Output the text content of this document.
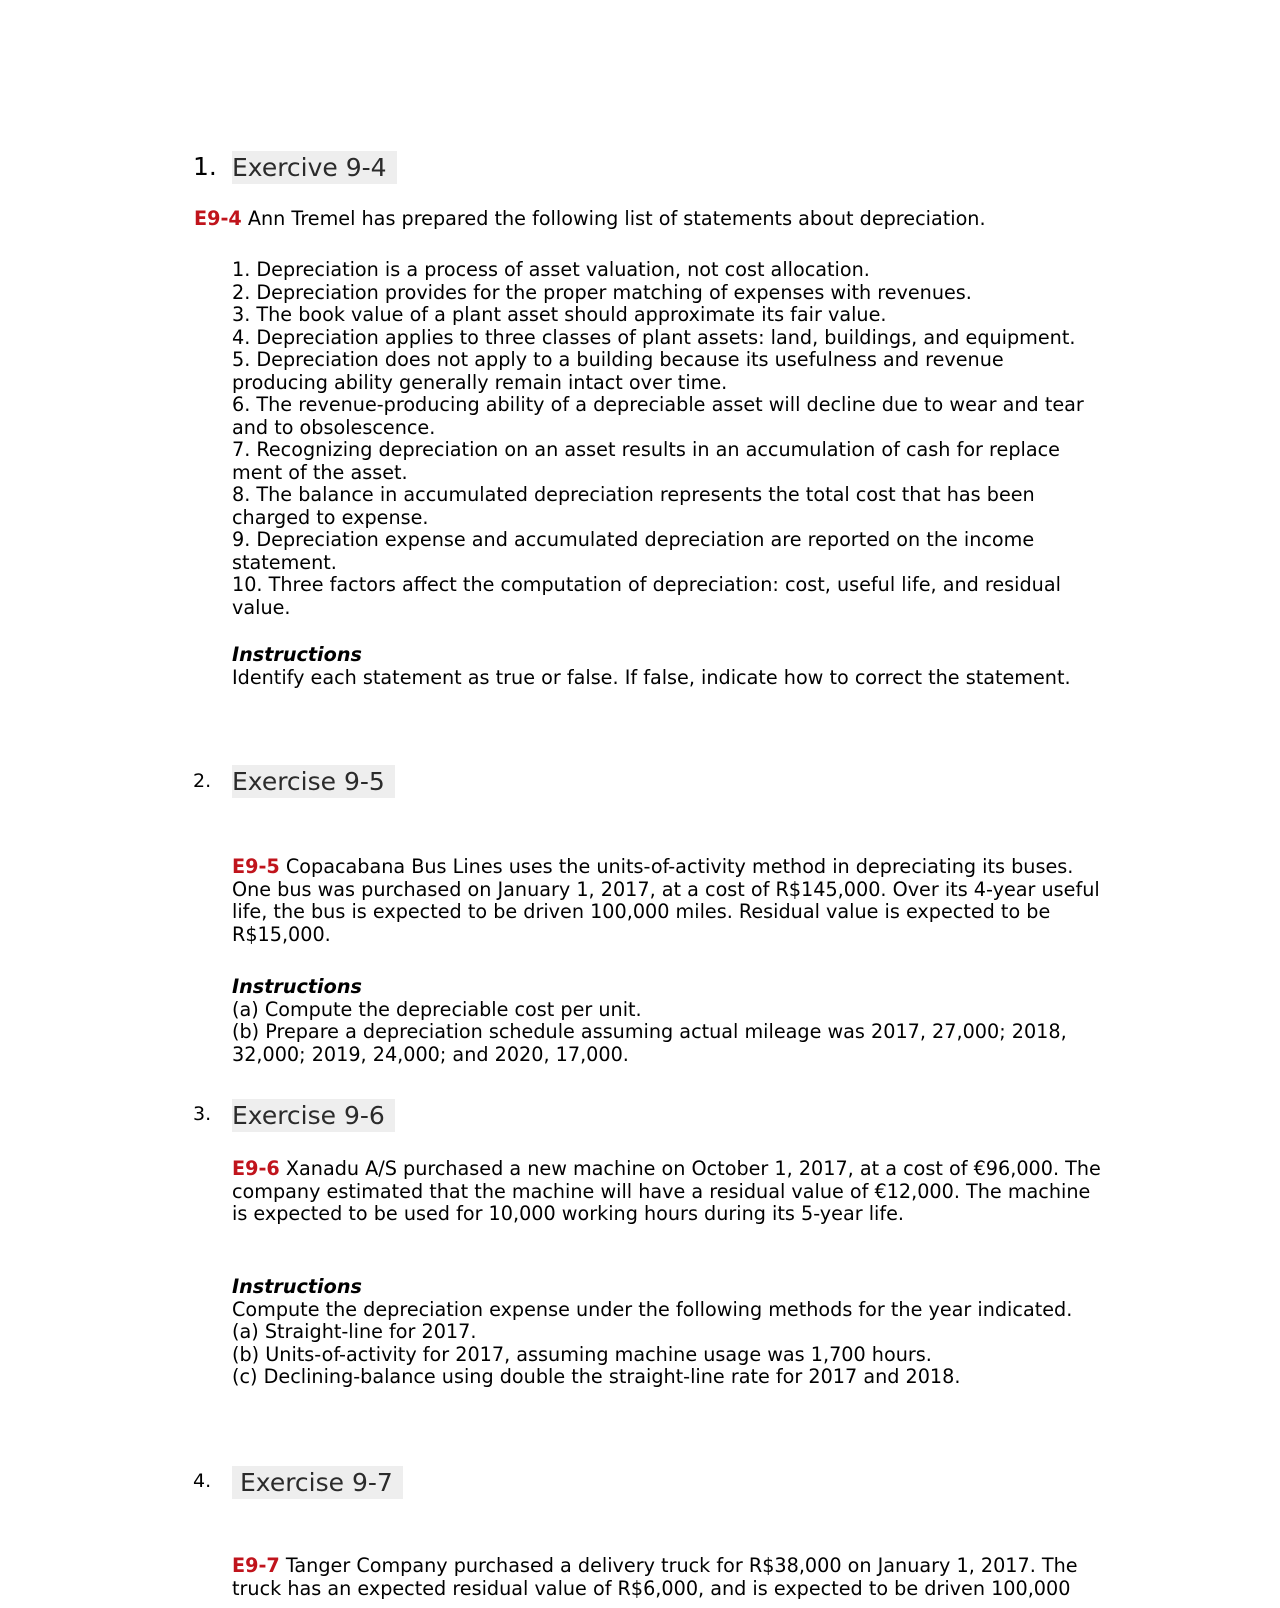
1. Exercive 9-4
E9-4 Ann Tremel has prepared the following list of statements about depreciation.
1. Depreciation is a process of asset valuation, not cost allocation.
2. Depreciation provides for the proper matching of expenses with revenues.
3. The book value of a plant asset should approximate its fair value.
4. Depreciation applies to three classes of plant assets: land, buildings, and equipment.
5. Depreciation does not apply to a building because its usefulness and revenue
producing ability generally remain intact over time.
6. The revenue-producing ability of a depreciable asset will decline due to wear and tear
and to obsolescence.
7. Recognizing depreciation on an asset results in an accumulation of cash for replace
ment of the asset.
8. The balance in accumulated depreciation represents the total cost that has been
charged to expense.
9. Depreciation expense and accumulated depreciation are reported on the income
statement.
10. Three factors affect the computation of depreciation: cost, useful life, and residual
value.
Instructions
Identify each statement as true or false. If false, indicate how to correct the statement.
2. Exercise 9-5
E9-5 Copacabana Bus Lines uses the units-of-activity method in depreciating its buses.
One bus was purchased on January 1, 2017, at a cost of R$145,000. Over its 4-year useful
life, the bus is expected to be driven 100,000 miles. Residual value is expected to be
R$15,000.
Instructions
(a) Compute the depreciable cost per unit.
(b) Prepare a depreciation schedule assuming actual mileage was 2017, 27,000; 2018,
32,000; 2019, 24,000; and 2020, 17,000.
3. Exercise 9-6
E9-6 Xanadu A/S purchased a new machine on October 1, 2017, at a cost of €96,000. The
company estimated that the machine will have a residual value of €12,000. The machine
is expected to be used for 10,000 working hours during its 5-year life.
Instructions
Compute the depreciation expense under the following methods for the year indicated.
(a) Straight-line for 2017.
(b) Units-of-activity for 2017, assuming machine usage was 1,700 hours.
(c) Declining-balance using double the straight-line rate for 2017 and 2018.
4.	Exercise 9-7
E9-7 Tanger Company purchased a delivery truck for R$38,000 on January 1, 2017. The
truck has an expected residual value of R$6,000, and is expected to be driven 100,000
